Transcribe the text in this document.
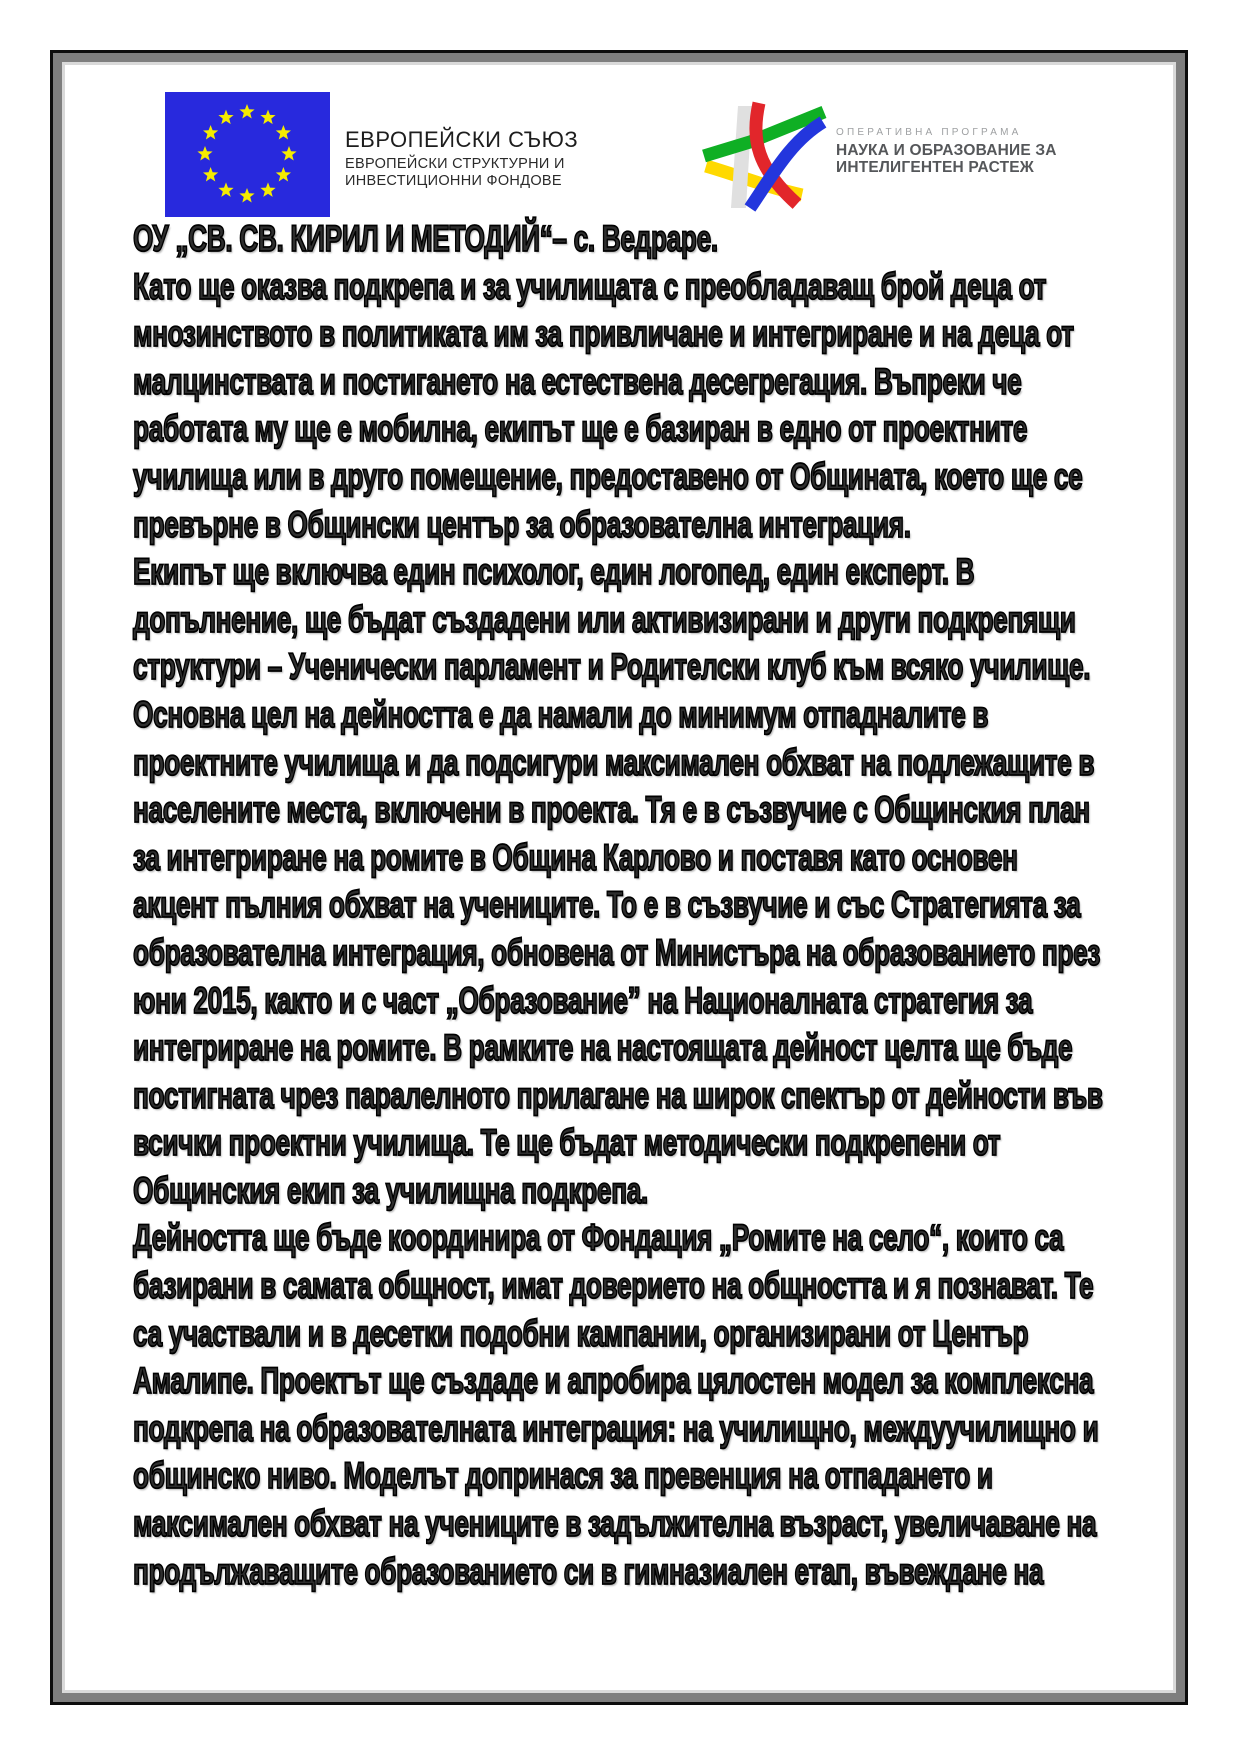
ЕВРОПЕЙСКИ СЪЮЗ
ЕВРОПЕЙСКИ СТРУКТУРНИ И
ИНВЕСТИЦИОННИ ФОНДОВЕ
ОПЕРАТИВНА ПРОГРАМА
НАУКА И ОБРАЗОВАНИЕ ЗА
ИНТЕЛИГЕНТЕН РАСТЕЖ
ОУ „СВ. СВ. КИРИЛ И МЕТОДИЙ“– с. Ведраре.
Като ще оказва подкрепа и за училищата с преобладаващ брой деца от
мнозинството в политиката им за привличане и интегриране и на деца от
малцинствата и постигането на естествена десегрегация. Въпреки че
работата му ще е мобилна, екипът ще е базиран в едно от проектните
училища или в друго помещение, предоставено от Общината, което ще се
превърне в Общински център за образователна интеграция.
Екипът ще включва един психолог, един логопед, един експерт. В
допълнение, ще бъдат създадени или активизирани и други подкрепящи
структури – Ученически парламент и Родителски клуб към всяко училище.
Основна цел на дейността е да намали до минимум отпадналите в
проектните училища и да подсигури максимален обхват на подлежащите в
населените места, включени в проекта. Тя е в съзвучие с Общинския план
за интегриране на ромите в Община Карлово и поставя като основен
акцент пълния обхват на учениците. То е в съзвучие и със Стратегията за
образователна интеграция, обновена от Министъра на образованието през
юни 2015, както и с част „Образование” на Националната стратегия за
интегриране на ромите. В рамките на настоящата дейност целта ще бъде
постигната чрез паралелното прилагане на широк спектър от дейности във
всички проектни училища. Те ще бъдат методически подкрепени от
Общинския екип за училищна подкрепа.
Дейността ще бъде координира от Фондация „Ромите на село“, които са
базирани в самата общност, имат доверието на общността и я познават. Те
са участвали и в десетки подобни кампании, организирани от Център
Амалипе. Проектът ще създаде и апробира цялостен модел за комплексна
подкрепа на образователната интеграция: на училищно, междуучилищно и
общинско ниво. Моделът допринася за превенция на отпадането и
максимален обхват на учениците в задължителна възраст, увеличаване на
продължаващите образованието си в гимназиален етап, въвеждане на
